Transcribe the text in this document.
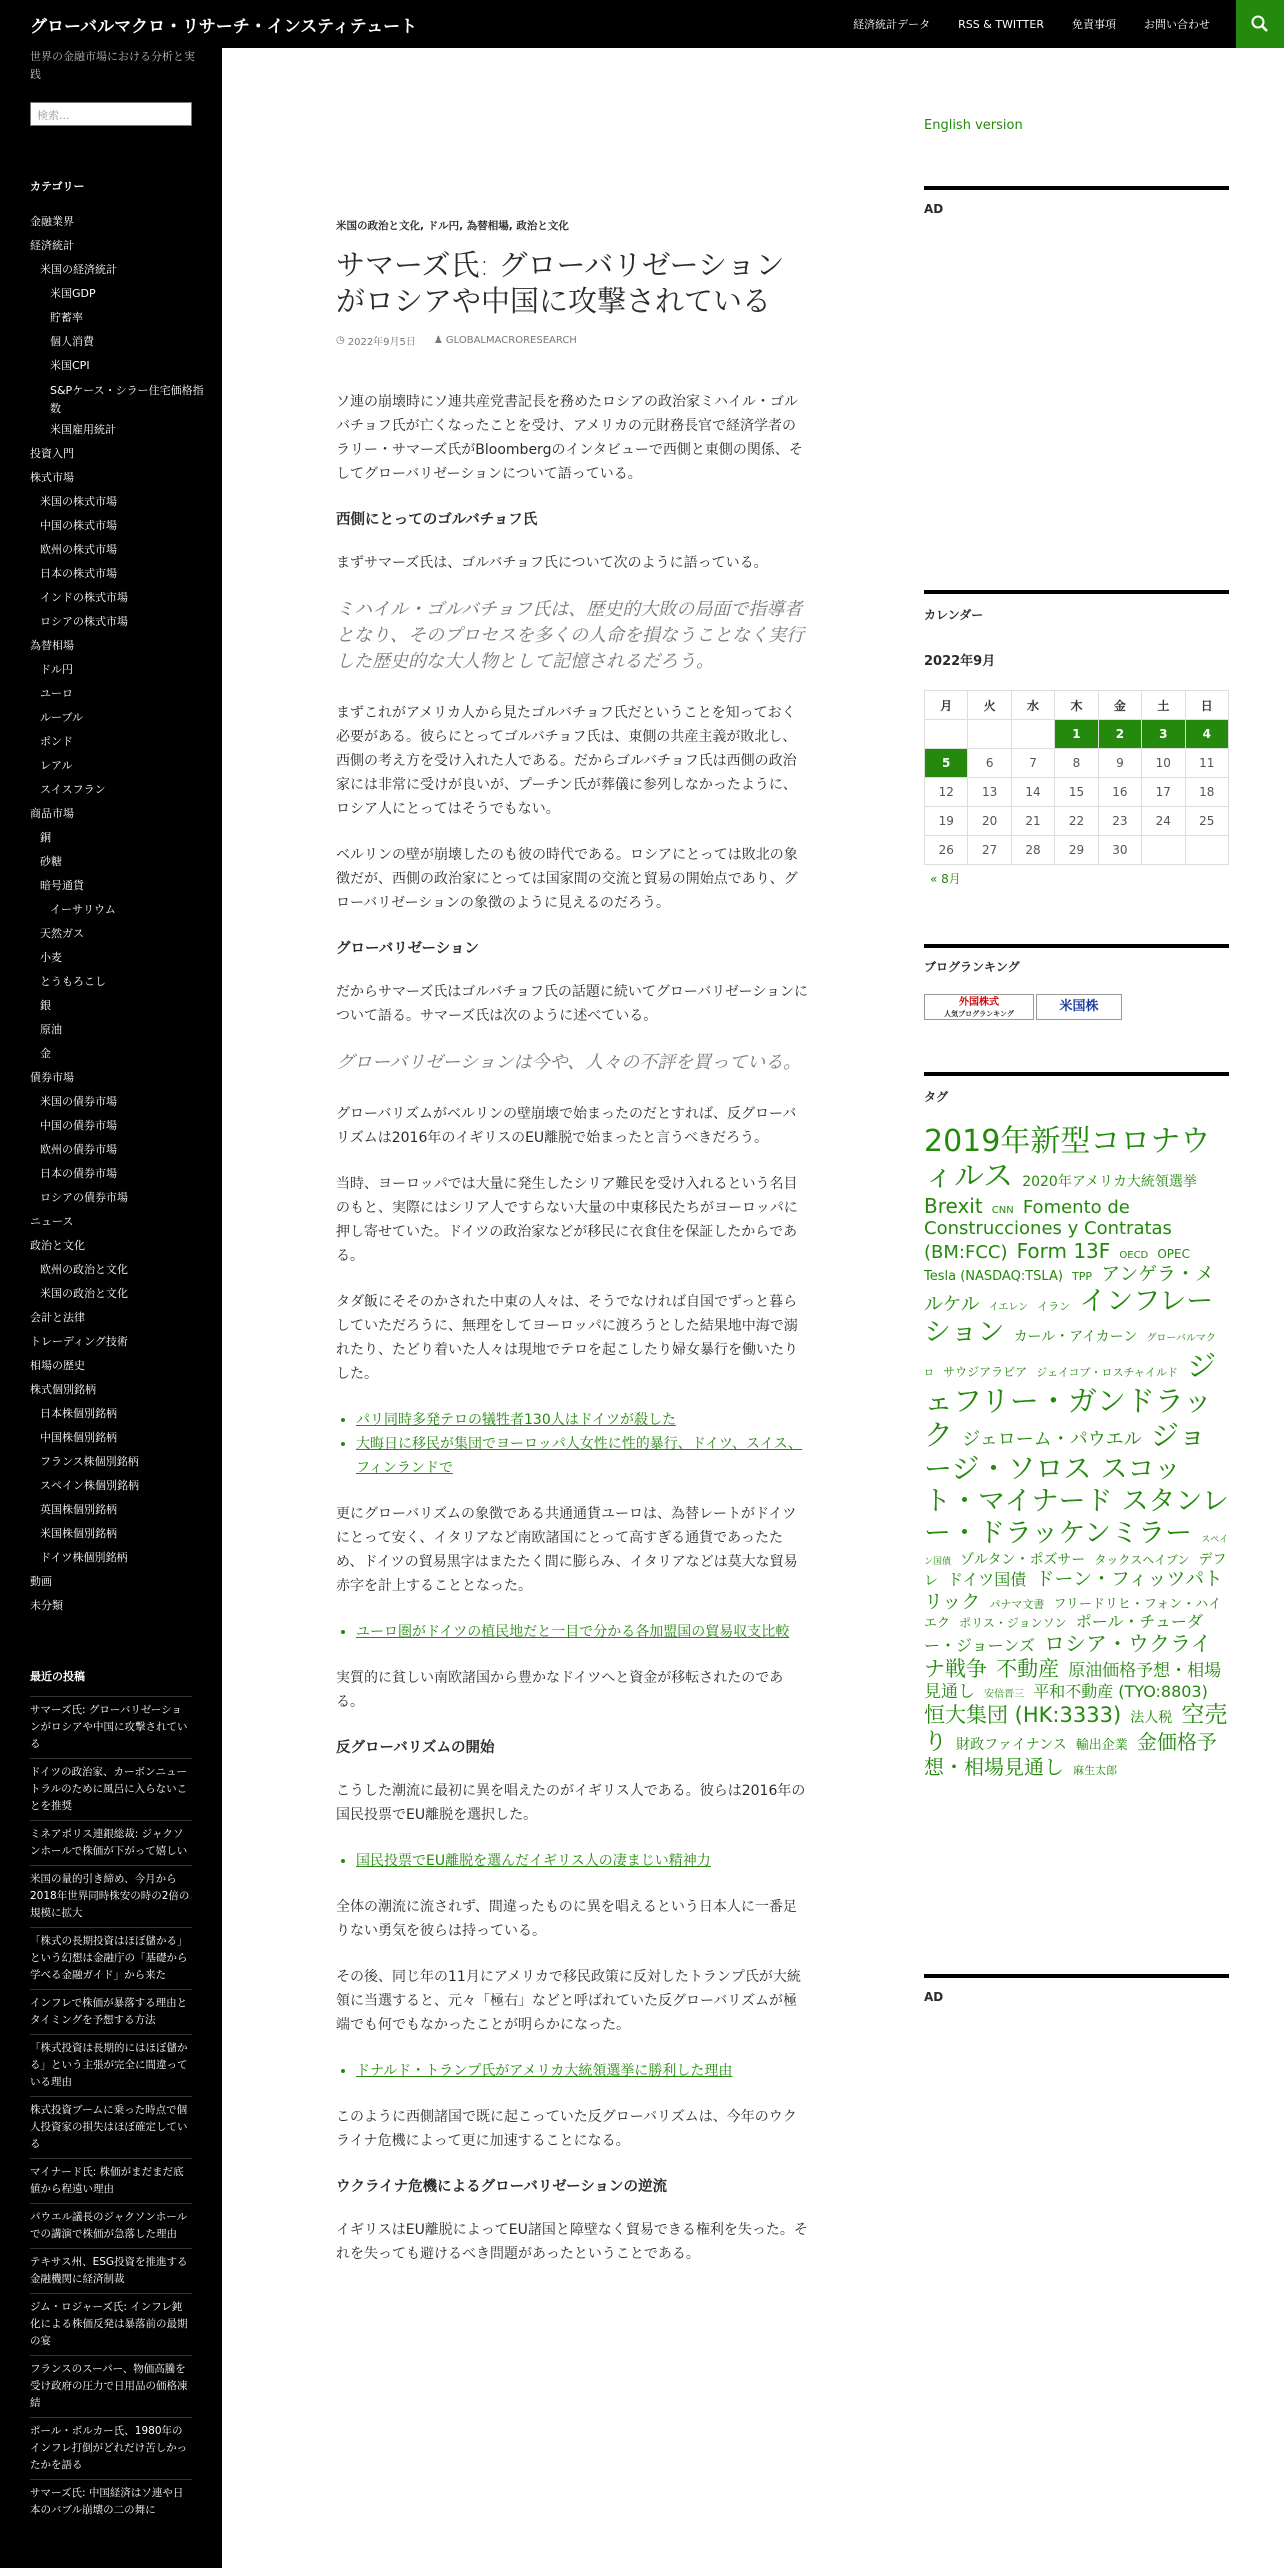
グローバルマクロ・リサーチ・インスティテュート	経済統計データ	RSS & TWITTER	免責事項	お問い合わせ
世界の金融市場における分析と実践
検索...
カテゴリー
金融業界
経済統計
米国の経済統計
米国GDP
貯蓄率
個人消費
米国CPI
S&Pケース・シラー住宅価格指数
米国雇用統計
投資入門
株式市場
米国の株式市場
中国の株式市場
欧州の株式市場
日本の株式市場
インドの株式市場
ロシアの株式市場
為替相場
ドル円
ユーロ
ルーブル
ポンド
レアル
スイスフラン
商品市場
銅
砂糖
暗号通貨
イーサリウム
天然ガス
小麦
とうもろこし
銀
原油
金
債券市場
米国の債券市場
中国の債券市場
欧州の債券市場
日本の債券市場
ロシアの債券市場
ニュース
政治と文化
欧州の政治と文化
米国の政治と文化
会計と法律
トレーディング技術
相場の歴史
株式個別銘柄
日本株個別銘柄
中国株個別銘柄
フランス株個別銘柄
スペイン株個別銘柄
英国株個別銘柄
米国株個別銘柄
ドイツ株個別銘柄
動画
未分類
最近の投稿
サマーズ氏: グローバリゼーションがロシアや中国に攻撃されている
ドイツの政治家、カーボンニュートラルのために風呂に入らないことを推奨
ミネアポリス連銀総裁: ジャクソンホールで株価が下がって嬉しい
米国の量的引き締め、今月から2018年世界同時株安の時の2倍の規模に拡大
「株式の長期投資はほぼ儲かる」という幻想は金融庁の「基礎から学べる金融ガイド」から来た
インフレで株価が暴落する理由とタイミングを予想する方法
「株式投資は長期的にはほぼ儲かる」という主張が完全に間違っている理由
株式投資ブームに乗った時点で個人投資家の損失はほぼ確定している
マイナード氏: 株価がまだまだ底値から程遠い理由
パウエル議長のジャクソンホールでの講演で株価が急落した理由
テキサス州、ESG投資を推進する金融機関に経済制裁
ジム・ロジャーズ氏: インフレ鈍化による株価反発は暴落前の最期の宴
フランスのスーパー、物価高騰を受け政府の圧力で日用品の価格凍結
ポール・ボルカー氏、1980年のインフレ打倒がどれだけ苦しかったかを語る
サマーズ氏: 中国経済はソ連や日本のバブル崩壊の二の舞に
米国の政治と文化, ドル円, 為替相場, 政治と文化
サマーズ氏: グローバリゼーションがロシアや中国に攻撃されている
◷ 2022年9月5日 ♟ GLOBALMACRORESEARCH

ソ連の崩壊時にソ連共産党書記長を務めたロシアの政治家ミハイル・ゴルバチョフ氏が亡くなったことを受け、アメリカの元財務長官で経済学者のラリー・サマーズ氏がBloombergのインタビューで西側と東側の関係、そしてグローバリゼーションについて語っている。

西側にとってのゴルバチョフ氏

まずサマーズ氏は、ゴルバチョフ氏について次のように語っている。

ミハイル・ゴルバチョフ氏は、歴史的大敗の局面で指導者となり、そのプロセスを多くの人命を損なうことなく実行した歴史的な大人物として記憶されるだろう。

まずこれがアメリカ人から見たゴルバチョフ氏だということを知っておく必要がある。彼らにとってゴルバチョフ氏は、東側の共産主義が敗北し、西側の考え方を受け入れた人である。だからゴルバチョフ氏は西側の政治家には非常に受けが良いが、プーチン氏が葬儀に参列しなかったように、ロシア人にとってはそうでもない。

ベルリンの壁が崩壊したのも彼の時代である。ロシアにとっては敗北の象徴だが、西側の政治家にとっては国家間の交流と貿易の開始点であり、グローバリゼーションの象徴のように見えるのだろう。

グローバリゼーション

だからサマーズ氏はゴルバチョフ氏の話題に続いてグローバリゼーションについて語る。サマーズ氏は次のように述べている。

グローバリゼーションは今や、人々の不評を買っている。

グローバリズムがベルリンの壁崩壊で始まったのだとすれば、反グローバリズムは2016年のイギリスのEU離脱で始まったと言うべきだろう。

当時、ヨーロッパでは大量に発生したシリア難民を受け入れるという名目のもと、実際にはシリア人ですらない大量の中東移民たちがヨーロッパに押し寄せていた。ドイツの政治家などが移民に衣食住を保証したからである。

タダ飯にそそのかされた中東の人々は、そうでなければ自国でずっと暮らしていただろうに、無理をしてヨーロッパに渡ろうとした結果地中海で溺れたり、たどり着いた人々は現地でテロを起こしたり婦女暴行を働いたりした。

• パリ同時多発テロの犠牲者130人はドイツが殺した
• 大晦日に移民が集団でヨーロッパ人女性に性的暴行、ドイツ、スイス、フィンランドで

更にグローバリズムの象徴である共通通貨ユーロは、為替レートがドイツにとって安く、イタリアなど南欧諸国にとって高すぎる通貨であったため、ドイツの貿易黒字はまたたく間に膨らみ、イタリアなどは莫大な貿易赤字を計上することとなった。

• ユーロ圏がドイツの植民地だと一目で分かる各加盟国の貿易収支比較

実質的に貧しい南欧諸国から豊かなドイツへと資金が移転されたのである。

反グローバリズムの開始

こうした潮流に最初に異を唱えたのがイギリス人である。彼らは2016年の国民投票でEU離脱を選択した。

• 国民投票でEU離脱を選んだイギリス人の凄まじい精神力

全体の潮流に流されず、間違ったものに異を唱えるという日本人に一番足りない勇気を彼らは持っている。

その後、同じ年の11月にアメリカで移民政策に反対したトランプ氏が大統領に当選すると、元々「極右」などと呼ばれていた反グローバリズムが極端でも何でもなかったことが明らかになった。

• ドナルド・トランプ氏がアメリカ大統領選挙に勝利した理由

このように西側諸国で既に起こっていた反グローバリズムは、今年のウクライナ危機によって更に加速することになる。

ウクライナ危機によるグローバリゼーションの逆流

イギリスはEU離脱によってEU諸国と障壁なく貿易できる権利を失った。それを失っても避けるべき問題があったということである。

English version
AD
カレンダー
2022年9月
月	火	水	木	金	土	日
			1	2	3	4
5	6	7	8	9	10	11
12	13	14	15	16	17	18
19	20	21	22	23	24	25
26	27	28	29	30		
« 8月
ブログランキング
外国株式
人気ブログランキング	米国株
タグ
2019年新型コロナウィルス 2020年アメリカ大統領選挙 Brexit CNN Fomento de Construcciones y Contratas (BM:FCC) Form 13F OECD OPEC Tesla (NASDAQ:TSLA) TPP アンゲラ・メルケル イエレン イラン インフレーション カール・アイカーン グローバルマクロ サウジアラビア ジェイコブ・ロスチャイルド ジェフリー・ガンドラック ジェローム・パウエル ジョージ・ソロス スコット・マイナード スタンレー・ドラッケンミラー スペイン国債 ゾルタン・ポズサー タックスヘイブン デフレ ドイツ国債 ドーン・フィッツパトリック パナマ文書 フリードリヒ・フォン・ハイエク ポリス・ジョンソン ポール・チューダー・ジョーンズ ロシア・ウクライナ戦争 不動産 原油価格予想・相場見通し 安倍晋三 平和不動産 (TYO:8803) 恒大集団 (HK:3333) 法人税 空売り 財政ファイナンス 輸出企業 金価格予想・相場見通し 麻生太郎
AD
